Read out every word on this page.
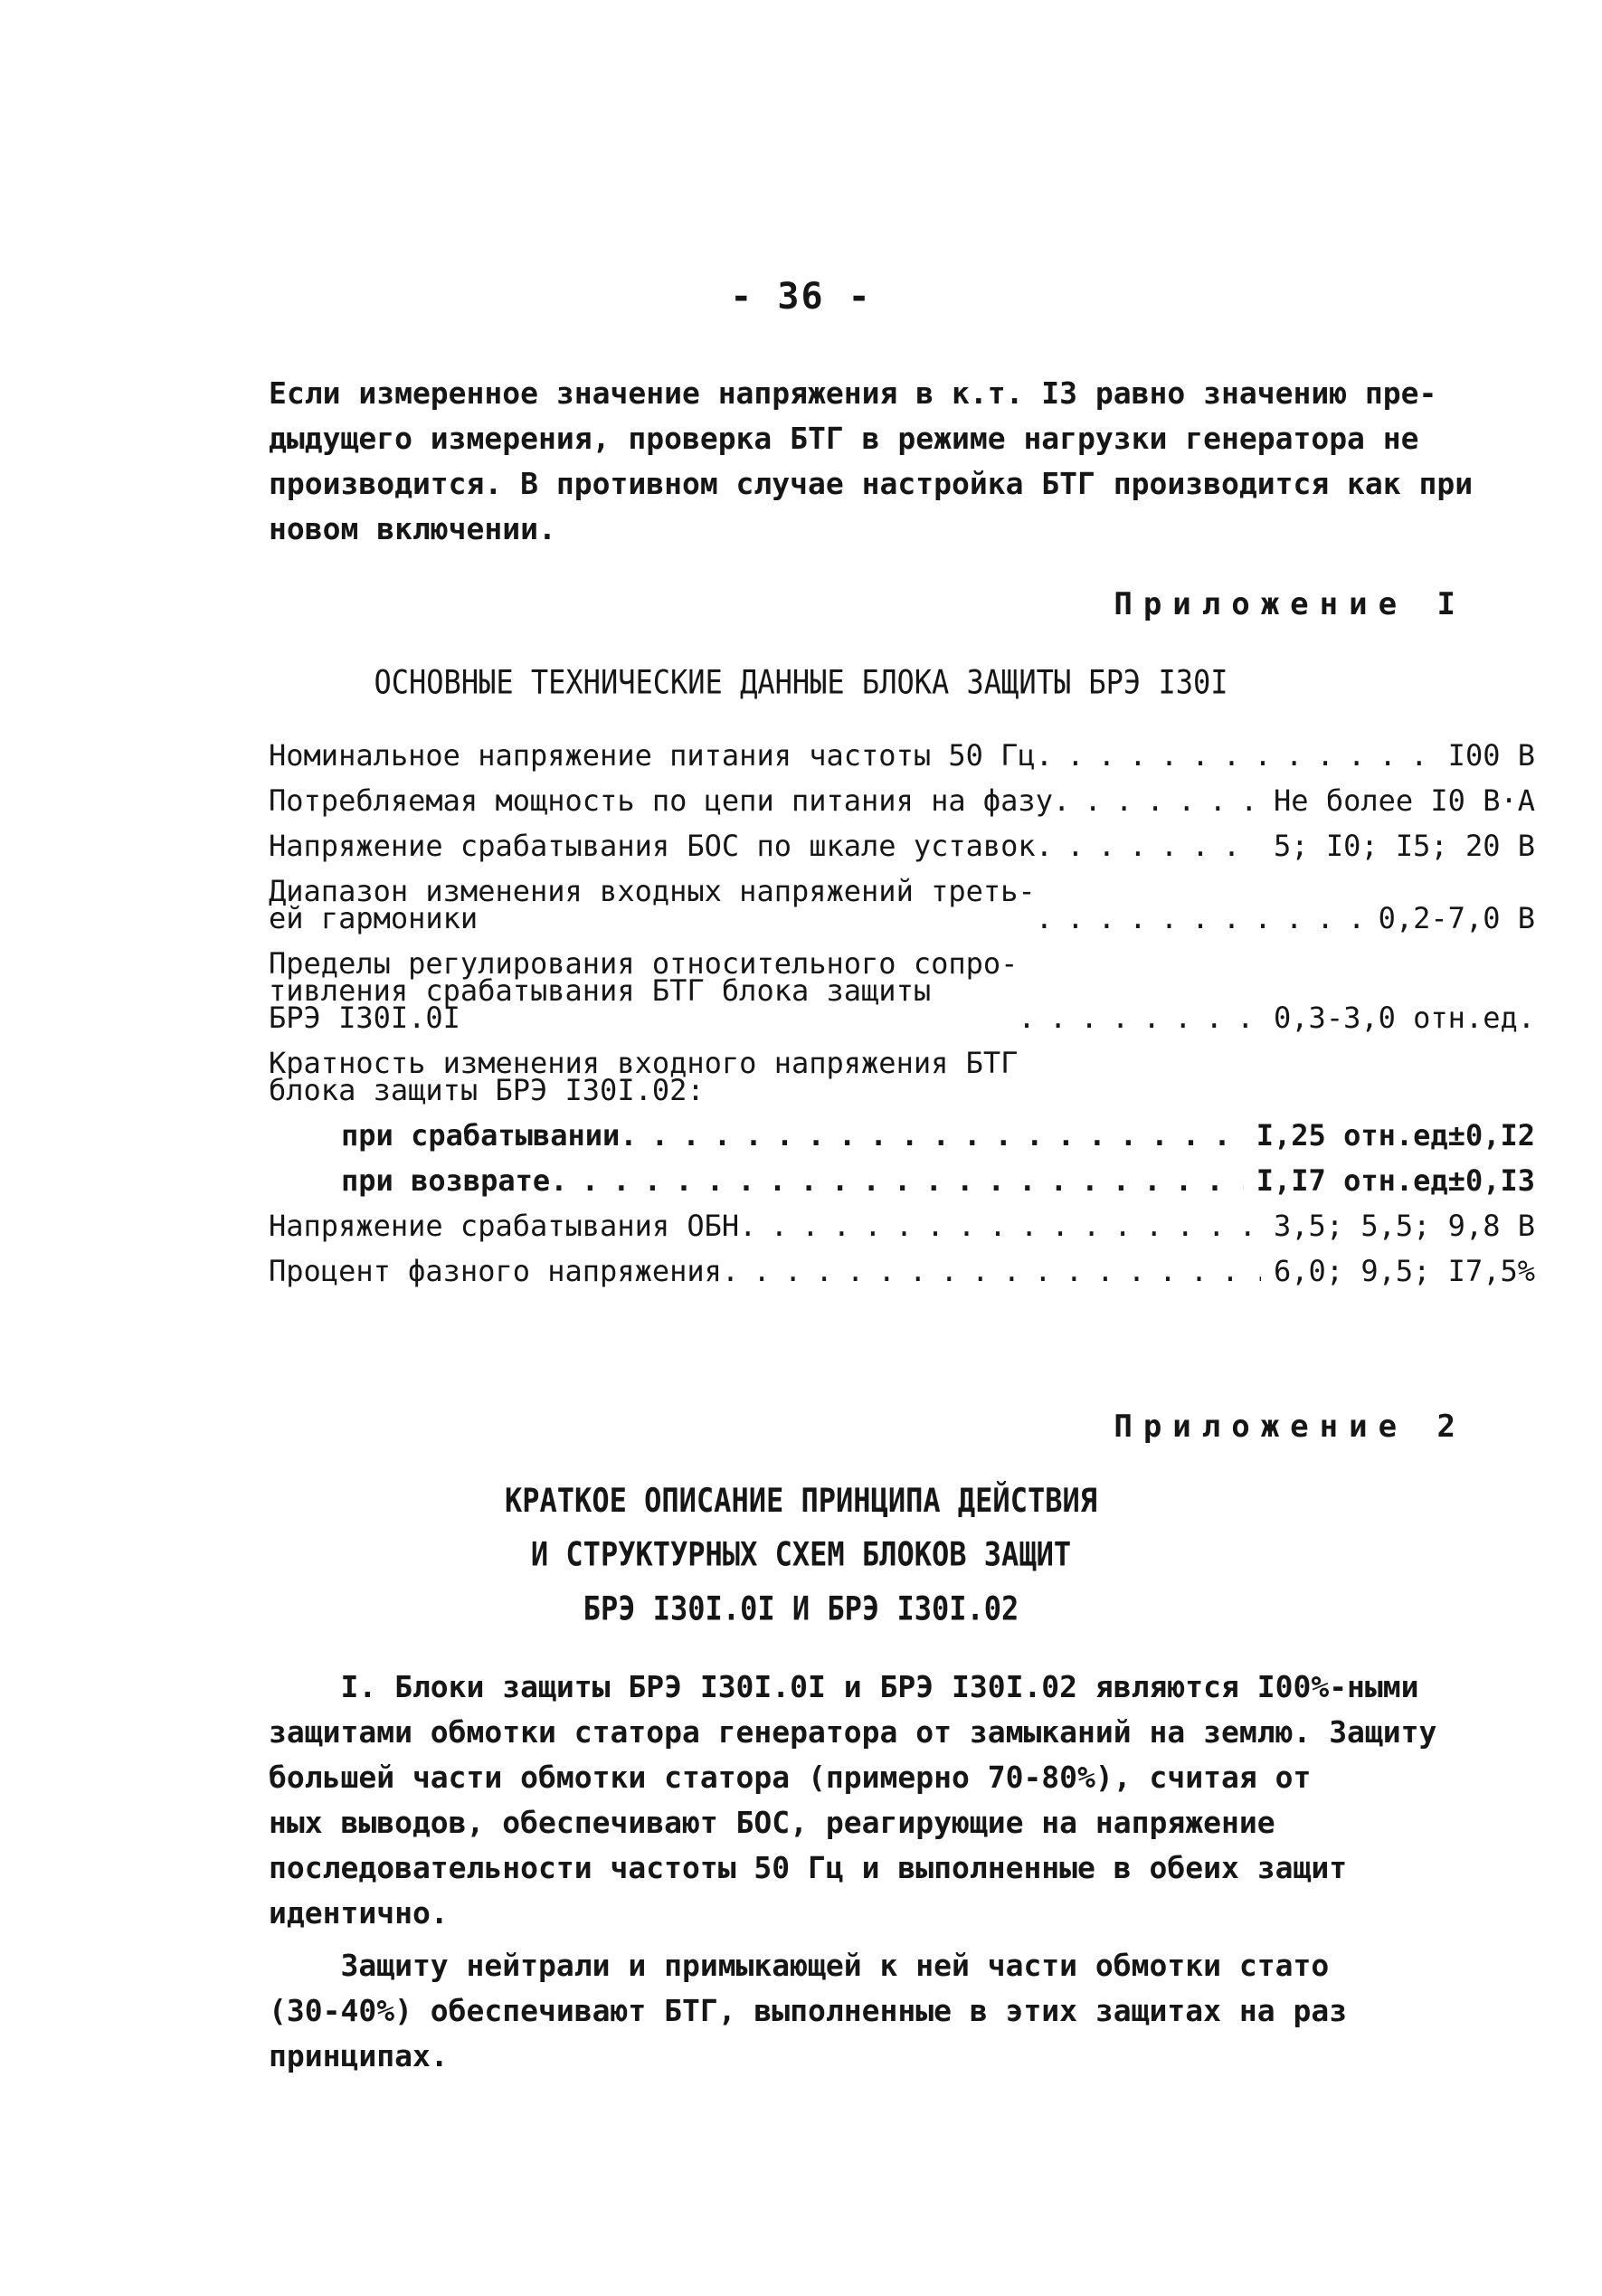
- 36 -

Если измеренное значение напряжения в к.т. I3 равно значению пре-
дыдущего измерения, проверка БТГ в режиме нагрузки генератора не
производится. В противном случае настройка БТГ производится как при
новом включении.

Приложение I

ОСНОВНЫЕ ТЕХНИЧЕСКИЕ ДАННЫЕ БЛОКА ЗАЩИТЫ БРЭ I30I

Номинальное напряжение питания частоты 50 Гц . . .	I00 В
Потребляемая мощность по цепи питания на фазу . . .	Не более I0 В·А
Напряжение срабатывания БОС по шкале уставок . . .	5; I0; I5; 20 В
Диапазон изменения входных напряжений треть-
ей гармоники . . .	0,2-7,0 В
Пределы регулирования относительного сопро-
тивления срабатывания БТГ блока защиты
БРЭ I30I.0I . . .	0,3-3,0 отн.ед.
Кратность изменения входного напряжения БТГ
блока защиты БРЭ I30I.02:
при срабатывании . . .	I,25 отн.ед±0,I2
при возврате . . .	I,I7 отн.ед±0,I3
Напряжение срабатывания ОБН . . .	3,5; 5,5; 9,8 В
Процент фазного напряжения . . .	6,0; 9,5; I7,5%
Приложение 2

КРАТКОЕ ОПИСАНИЕ ПРИНЦИПА ДЕЙСТВИЯ
И СТРУКТУРНЫХ СХЕМ БЛОКОВ ЗАЩИТ
БРЭ I30I.0I И БРЭ I30I.02

I. Блоки защиты БРЭ I30I.0I и БРЭ I30I.02 являются I00%-ными
защитами обмотки статора генератора от замыканий на землю. Защиту
большей части обмотки статора (примерно 70-80%), считая от
ных выводов, обеспечивают БОС, реагирующие на напряжение
последовательности частоты 50 Гц и выполненные в обеих защит
идентично.

Защиту нейтрали и примыкающей к ней части обмотки стато
(30-40%) обеспечивают БТГ, выполненные в этих защитах на раз
принципах.
